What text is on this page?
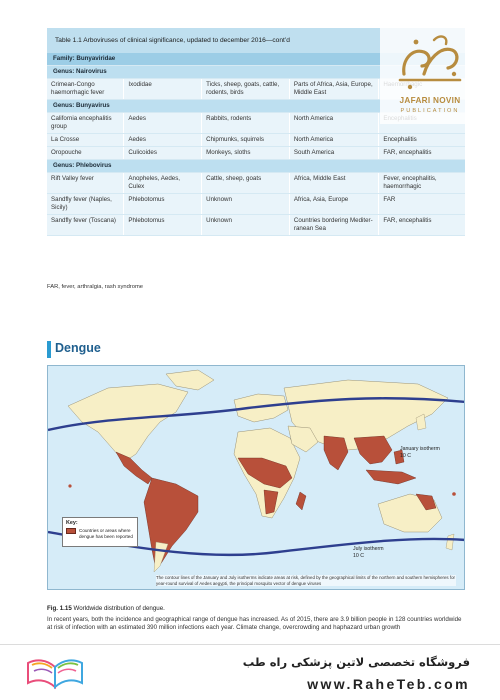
Table 1.1 Arboviruses of clinical significance, updated to december 2016—cont’d
Family: Bunyaviridae				
Genus: Nairovirus				
Crimean-Congo haemorrhagic fever	Ixodidae	Ticks, sheep, goats, cattle, rodents, birds	Parts of Africa, Asia, Europe, Middle East	
Genus: Bunyavirus				
California encephalitis group	Aedes	Rabbits, rodents	North America	
La Crosse	Aedes	Chipmunks, squirrels	North America	Encephalitis
Oropouche	Culicoides	Monkeys, sloths	South America	FAR, encephalitis
Genus: Phlebovirus				
Rift Valley fever	Anopheles, Aedes, Culex	Cattle, sheep, goats	Africa, Middle East	Fever, encephalitis, haemorrhagic
Sandfly fever (Naples, Sicily)	Phlebotomus	Unknown	Africa, Asia, Europe	FAR
Sandfly fever (Toscana)	Phlebotomus	Unknown	Countries bordering Mediter-ranean Sea	FAR, encephalitis
FAR, fever, arthralgia, rash syndrome
JAFARI NOVIN
PUBLICATION
Dengue
January isotherm
10 C
July isotherm
10 C
Key:
Countries or areas where dengue has been reported
The contour lines of the January and July isotherms indicate areas at risk, defined by the geographical limits of the northern and southern hemispheres for year-round survival of Aedes aegypti, the principal mosquito vector of dengue viruses
Fig. 1.15 Worldwide distribution of dengue.
In recent years, both the incidence and geographical range of dengue has increased. As of 2015, there are 3.9 billion people in 128 countries worldwide at risk of infection with an estimated 390 million infections each year. Climate change, overcrowding and haphazard urban growth
فروشگاه تخصصی لاتین پزشکی راه طب
www.RaheTeb.com
